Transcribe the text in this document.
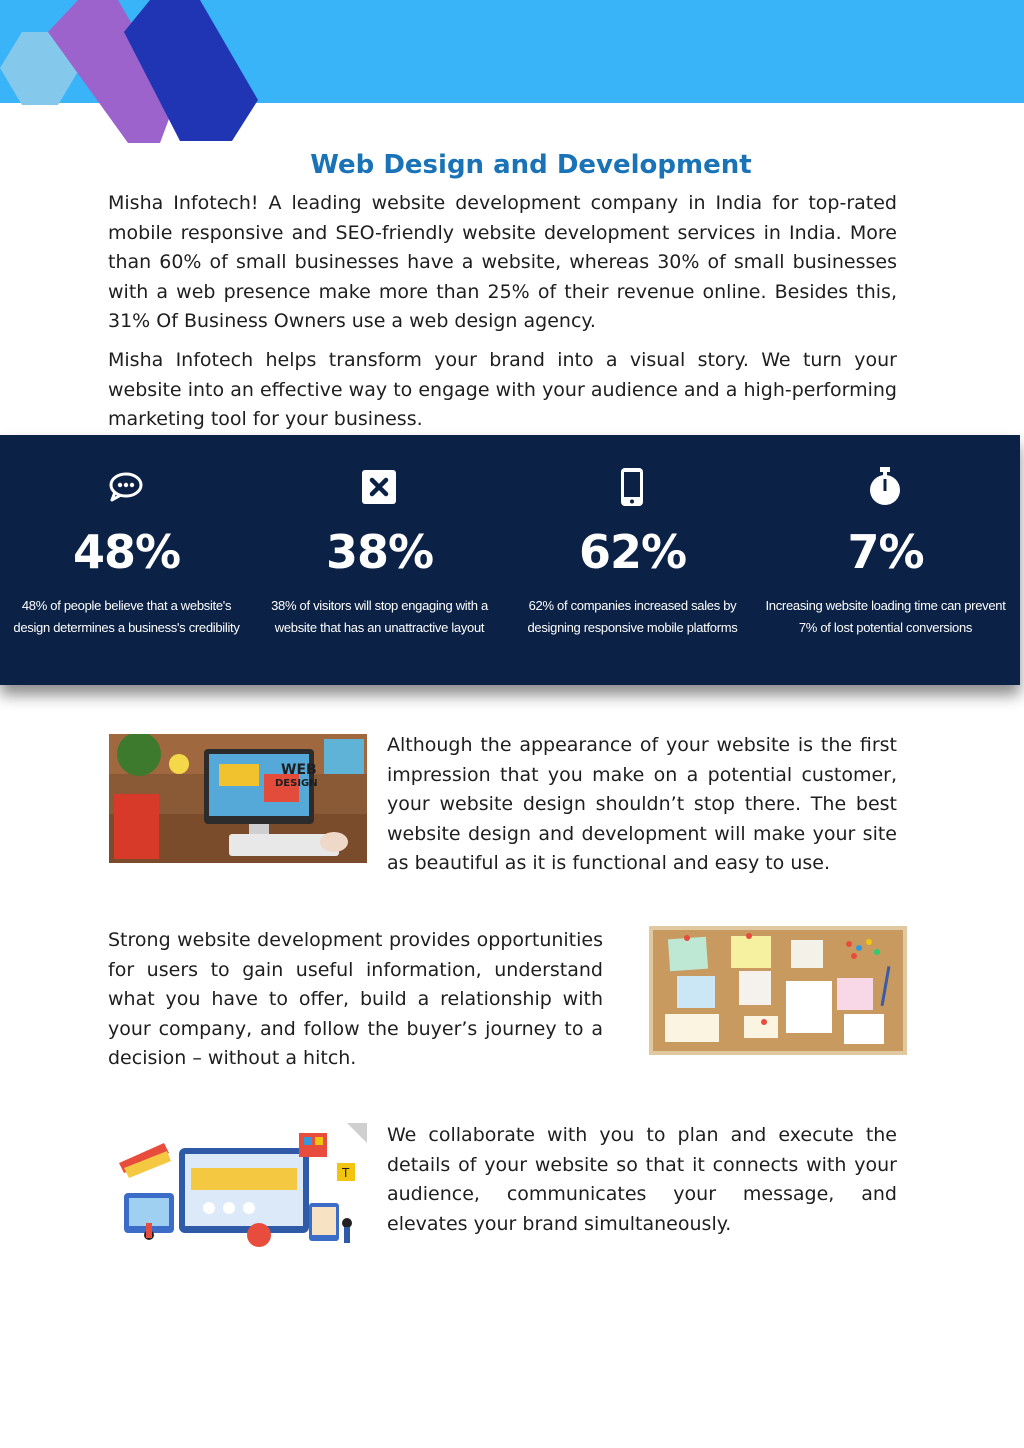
Web Design and Development

Misha Infotech! A leading website development company in India for top-rated mobile responsive and SEO-friendly website development services in India. More than 60% of small businesses have a website, whereas 30% of small businesses with a web presence make more than 25% of their revenue online. Besides this, 31% Of Business Owners use a web design agency.

Misha Infotech helps transform your brand into a visual story. We turn your website into an effective way to engage with your audience and a high-performing marketing tool for your business.

48%
48% of people believe that a website's design determines a business's credibility
38%
38% of visitors will stop engaging with a website that has an unattractive layout
62%
62% of companies increased sales by designing responsive mobile platforms
7%
Increasing website loading time can prevent 7% of lost potential conversions
WEB
DESIGN

Although the appearance of your website is the first impression that you make on a potential customer, your website design shouldn’t stop there. The best website design and development will make your site as beautiful as it is functional and easy to use.

Strong website development provides opportunities for users to gain useful information, understand what you have to offer, build a relationship with your company, and follow the buyer’s journey to a decision – without a hitch.

T

We collaborate with you to plan and execute the details of your website so that it connects with your audience, communicates your message, and elevates your brand simultaneously.
